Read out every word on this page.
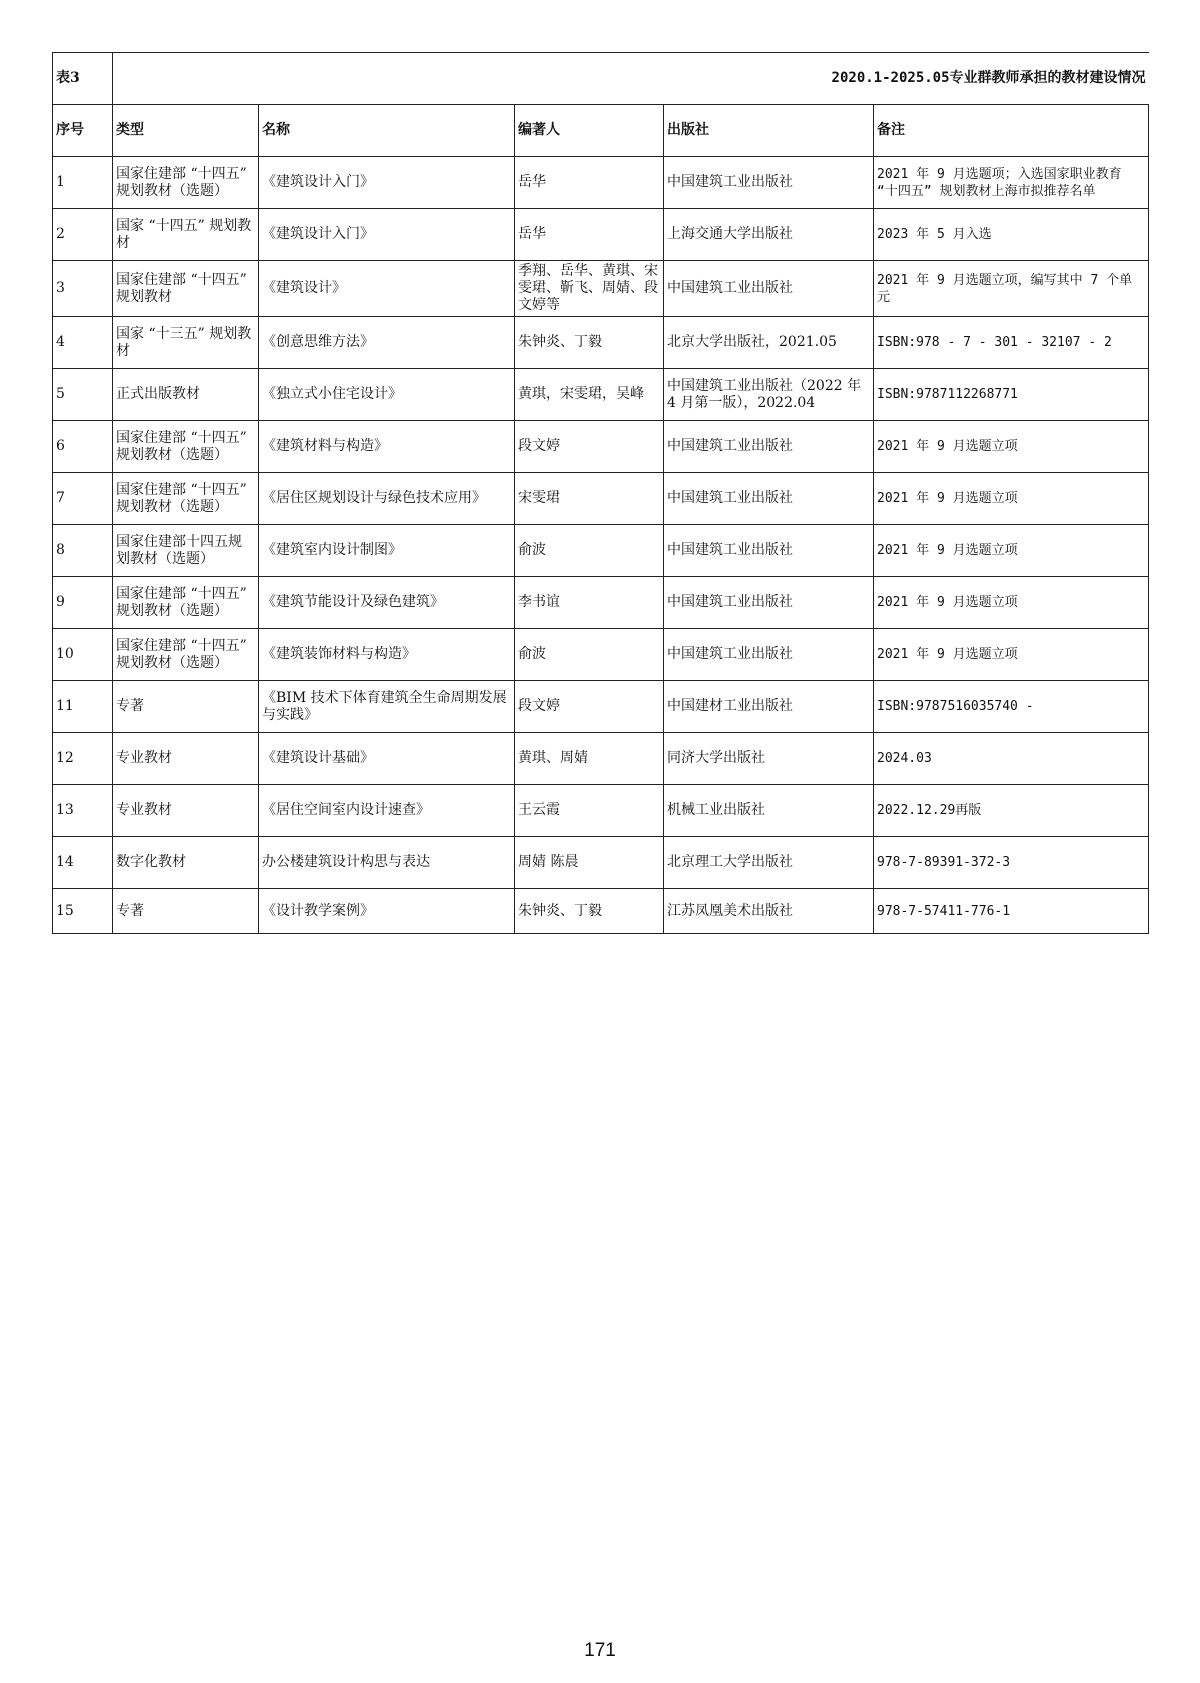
表3	2020.1-2025.05专业群教师承担的教材建设情况				
序号	类型	名称	编著人	出版社	备注
1	国家住建部 “十四五” 规划教材（选题）	《建筑设计入门》	岳华	中国建筑工业出版社	2021 年 9 月选题项；入选国家职业教育 “十四五” 规划教材上海市拟推荐名单
2	国家 “十四五” 规划教材	《建筑设计入门》	岳华	上海交通大学出版社	2023 年 5 月入选
3	国家住建部 “十四五” 规划教材	《建筑设计》	季翔、岳华、黄琪、宋雯珺、靳飞、周婧、段文婷等	中国建筑工业出版社	2021 年 9 月选题立项，编写其中 7 个单元
4	国家 “十三五” 规划教材	《创意思维方法》	朱钟炎、丁毅	北京大学出版社，2021.05	ISBN:978 - 7 - 301 - 32107 - 2
5	正式出版教材	《独立式小住宅设计》	黄琪，宋雯珺，吴峰	中国建筑工业出版社（2022 年 4 月第一版），2022.04	ISBN:9787112268771
6	国家住建部 “十四五” 规划教材（选题）	《建筑材料与构造》	段文婷	中国建筑工业出版社	2021 年 9 月选题立项
7	国家住建部 “十四五” 规划教材（选题）	《居住区规划设计与绿色技术应用》	宋雯珺	中国建筑工业出版社	2021 年 9 月选题立项
8	国家住建部十四五规划教材（选题）	《建筑室内设计制图》	俞波	中国建筑工业出版社	2021 年 9 月选题立项
9	国家住建部 “十四五” 规划教材（选题）	《建筑节能设计及绿色建筑》	李书谊	中国建筑工业出版社	2021 年 9 月选题立项
10	国家住建部 “十四五” 规划教材（选题）	《建筑装饰材料与构造》	俞波	中国建筑工业出版社	2021 年 9 月选题立项
11	专著	《BIM 技术下体育建筑全生命周期发展与实践》	段文婷	中国建材工业出版社	ISBN:9787516035740 -
12	专业教材	《建筑设计基础》	黄琪、周婧	同济大学出版社	2024.03
13	专业教材	《居住空间室内设计速查》	王云霞	机械工业出版社	2022.12.29再版
14	数字化教材	办公楼建筑设计构思与表达	周婧 陈晨	北京理工大学出版社	978-7-89391-372-3
15	专著	《设计教学案例》	朱钟炎、丁毅	江苏凤凰美术出版社	978-7-57411-776-1
171
